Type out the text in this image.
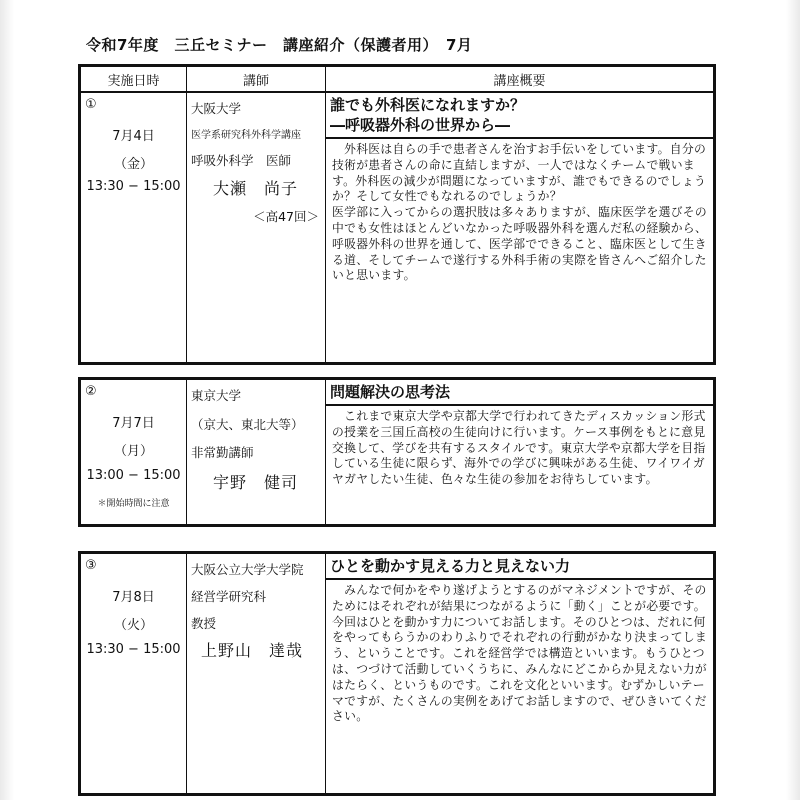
令和7年度　三丘セミナー　講座紹介（保護者用）　7月
実施日時	講師	講座概要
①
7月4日
（金）
13:30 − 15:00
大阪大学
医学系研究科外科学講座
呼吸外科学　医師
大瀬　尚子
＜高47回＞
誰でも外科医になれますか？
―呼吸器外科の世界から―
　外科医は自らの手で患者さんを治すお手伝いをしています。自分の技術が患者さんの命に直結しますが、一人ではなくチームで戦います。外科医の減少が問題になっていますが、誰でもできるのでしょうか？そして女性でもなれるのでしょうか？
医学部に入ってからの選択肢は多々ありますが、臨床医学を選びその中でも女性はほとんどいなかった呼吸器外科を選んだ私の経験から、呼吸器外科の世界を通して、医学部でできること、臨床医として生きる道、そしてチームで遂行する外科手術の実際を皆さんへご紹介したいと思います。
②
7月7日
（月）
13:00 − 15:00
＊開始時間に注意
東京大学
（京大、東北大等）
非常勤講師
宇野　健司
問題解決の思考法
　これまで東京大学や京都大学で行われてきたディスカッション形式の授業を三国丘高校の生徒向けに行います。ケース事例をもとに意見交換して、学びを共有するスタイルです。東京大学や京都大学を目指している生徒に限らず、海外での学びに興味がある生徒、ワイワイガヤガヤしたい生徒、色々な生徒の参加をお待ちしています。
③
7月8日
（火）
13:30 − 15:00
大阪公立大学大学院
経営学研究科
教授
上野山　達哉
ひとを動かす見える力と見えない力
　みんなで何かをやり遂げようとするのがマネジメントですが、そのためにはそれぞれが結果につながるように「動く」ことが必要です。今回はひとを動かす力についてお話します。そのひとつは、だれに何をやってもらうかのわりふりでそれぞれの行動がかなり決まってしまう、ということです。これを経営学では構造といいます。もうひとつは、つづけて活動していくうちに、みんなにどこからか見えない力がはたらく、というものです。これを文化といいます。むずかしいテーマですが、たくさんの実例をあげてお話しますので、ぜひきいてください。
